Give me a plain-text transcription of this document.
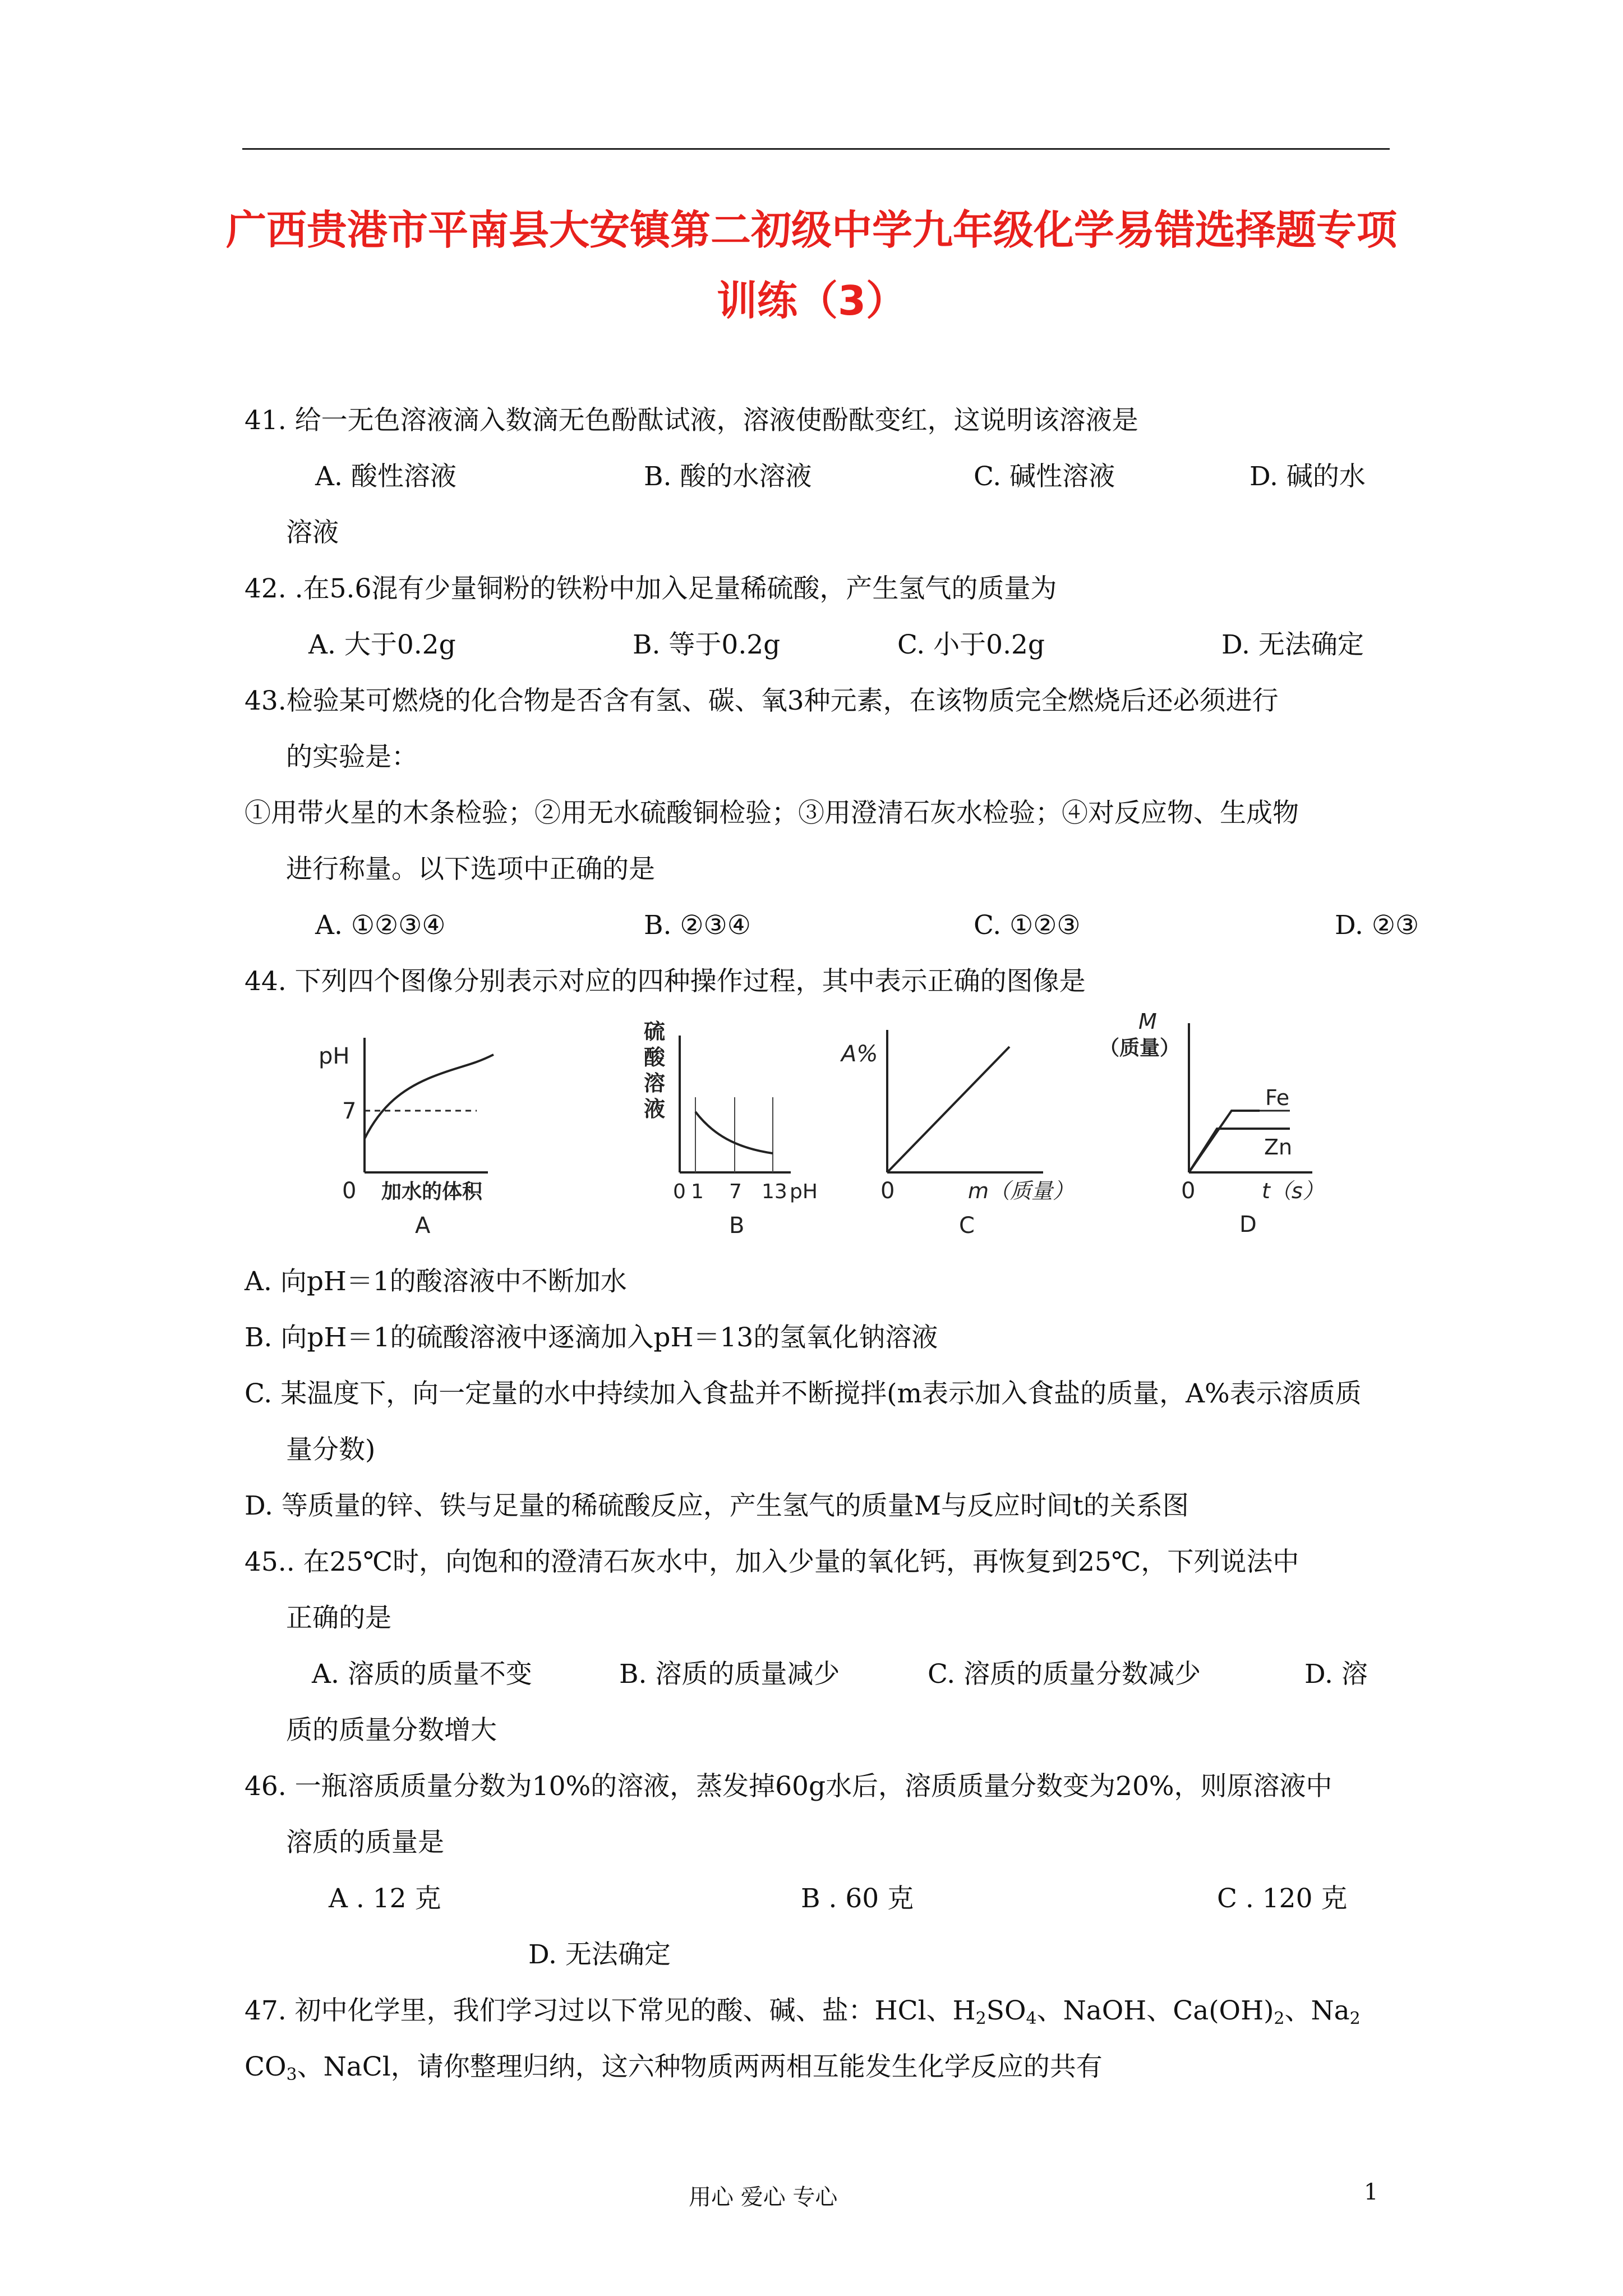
广西贵港市平南县大安镇第二初级中学九年级化学易错选择题专项
训练（3）
41. 给一无色溶液滴入数滴无色酚酞试液，溶液使酚酞变红，这说明该溶液是
A. 酸性溶液	B. 酸的水溶液	C. 碱性溶液	D. 碱的水
溶液
42. .在5.6混有少量铜粉的铁粉中加入足量稀硫酸，产生氢气的质量为
A. 大于0.2g	B. 等于0.2g	C. 小于0.2g	D. 无法确定
43.检验某可燃烧的化合物是否含有氢、碳、氧3种元素，在该物质完全燃烧后还必须进行
的实验是：
①用带火星的木条检验；②用无水硫酸铜检验；③用澄清石灰水检验；④对反应物、生成物
进行称量。以下选项中正确的是
A. ①②③④	B. ②③④	C. ①②③	D. ②③
44. 下列四个图像分别表示对应的四种操作过程，其中表示正确的图像是
pH
7
0 加水的体积
A
硫
酸
溶
液
0 1 7 13 pH
B
A%
0	m（质量）
C
M
（质量）
Fe
Zn
0	t（s）
D
A. 向pH＝1的酸溶液中不断加水
B. 向pH＝1的硫酸溶液中逐滴加入pH＝13的氢氧化钠溶液
C. 某温度下，向一定量的水中持续加入食盐并不断搅拌(m表示加入食盐的质量，A%表示溶质质
量分数)
D. 等质量的锌、铁与足量的稀硫酸反应，产生氢气的质量M与反应时间t的关系图
45.. 在25℃时，向饱和的澄清石灰水中，加入少量的氧化钙，再恢复到25℃，下列说法中
正确的是
A. 溶质的质量不变	B. 溶质的质量减少	C. 溶质的质量分数减少	D. 溶
质的质量分数增大
46. 一瓶溶质质量分数为10%的溶液，蒸发掉60g水后，溶质质量分数变为20%，则原溶液中
溶质的质量是
A . 12 克	B . 60 克	C . 120 克
D. 无法确定
47. 初中化学里，我们学习过以下常见的酸、碱、盐：HCl、$H_2SO_4$、NaOH、$Ca(OH)_2$、$Na_2$
$CO_3$、NaCl，请你整理归纳，这六种物质两两相互能发生化学反应的共有
用心 爱心 专心	1
